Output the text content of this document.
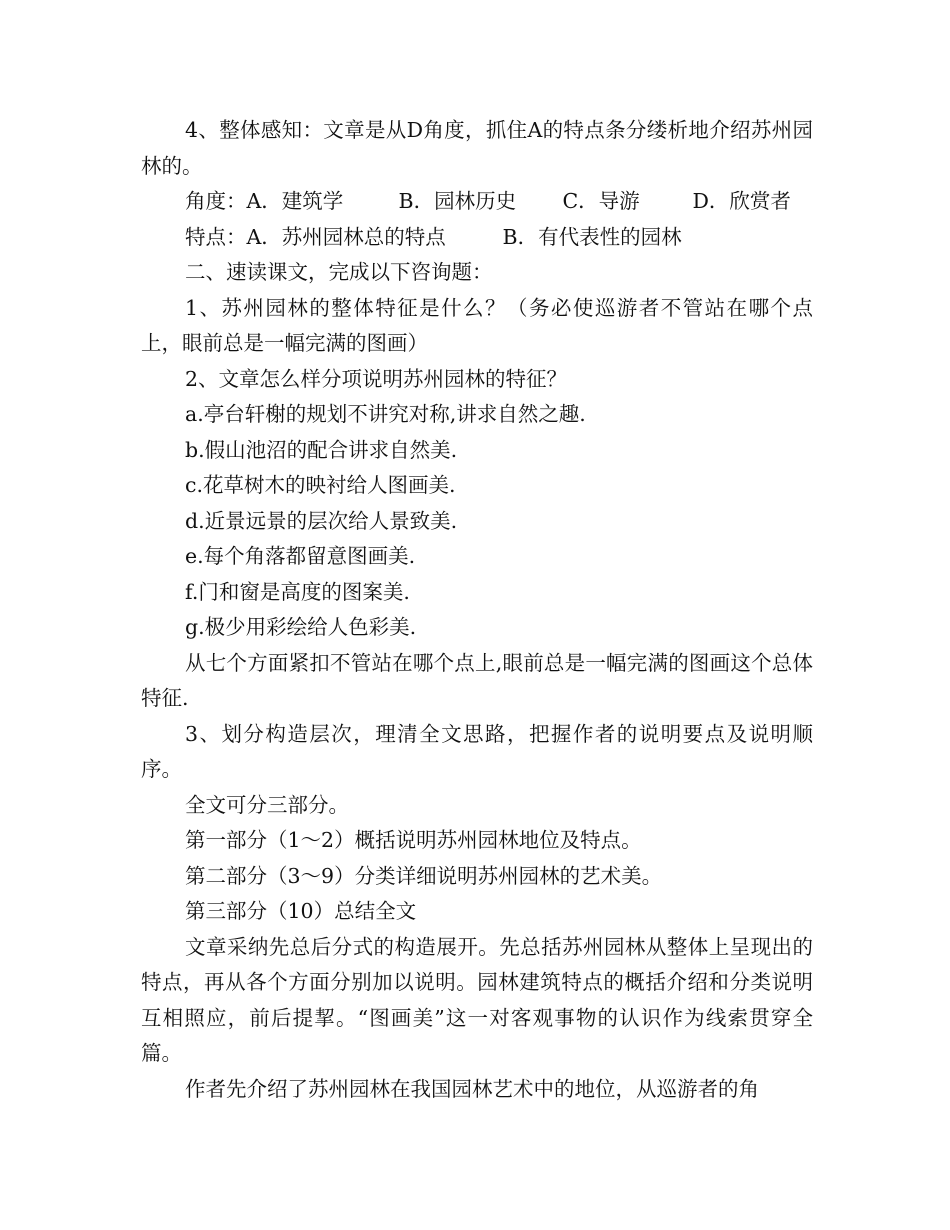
4、整体感知：文章是从D角度，抓住A的特点条分缕析地介绍苏州园林的。

角度：A．建筑学	B．园林历史 C．导游	D．欣赏者

特点：A．苏州园林总的特点	B．有代表性的园林

二、速读课文，完成以下咨询题：

1、苏州园林的整体特征是什么？（务必使巡游者不管站在哪个点上，眼前总是一幅完满的图画）

2、文章怎么样分项说明苏州园林的特征？

a.亭台轩榭的规划不讲究对称,讲求自然之趣.

b.假山池沼的配合讲求自然美.

c.花草树木的映衬给人图画美.

d.近景远景的层次给人景致美.

e.每个角落都留意图画美.

f.门和窗是高度的图案美.

g.极少用彩绘给人色彩美.

从七个方面紧扣不管站在哪个点上,眼前总是一幅完满的图画这个总体特征.

3、划分构造层次，理清全文思路，把握作者的说明要点及说明顺序。

全文可分三部分。

第一部分（1～2）概括说明苏州园林地位及特点。

第二部分（3～9）分类详细说明苏州园林的艺术美。

第三部分（10）总结全文

文章采纳先总后分式的构造展开。先总括苏州园林从整体上呈现出的特点，再从各个方面分别加以说明。园林建筑特点的概括介绍和分类说明互相照应，前后提挈。“图画美”这一对客观事物的认识作为线索贯穿全篇。

作者先介绍了苏州园林在我国园林艺术中的地位，从巡游者的角
